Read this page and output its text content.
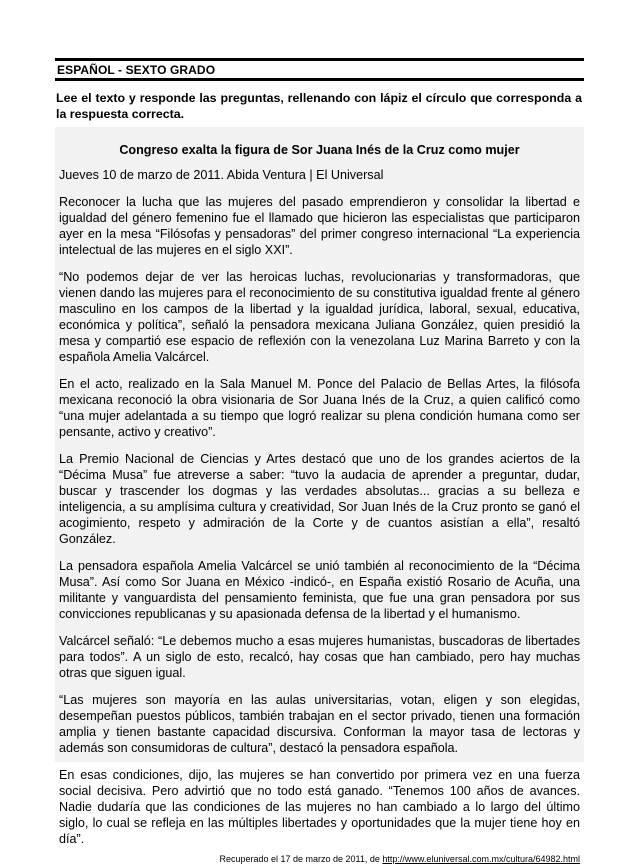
ESPAÑOL - SEXTO GRADO
Lee el texto y responde las preguntas, rellenando con lápiz el círculo que corresponda a la respuesta correcta.
Congreso exalta la figura de Sor Juana Inés de la Cruz como mujer
Jueves 10 de marzo de 2011. Abida Ventura | El Universal

Reconocer la lucha que las mujeres del pasado emprendieron y consolidar la libertad e igualdad del género femenino fue el llamado que hicieron las especialistas que participaron ayer en la mesa “Filósofas y pensadoras” del primer congreso internacional “La experiencia intelectual de las mujeres en el siglo XXI”.

“No podemos dejar de ver las heroicas luchas, revolucionarias y transformadoras, que vienen dando las mujeres para el reconocimiento de su constitutiva igualdad frente al género masculino en los campos de la libertad y la igualdad jurídica, laboral, sexual, educativa, económica y política”, señaló la pensadora mexicana Juliana González, quien presidió la mesa y compartió ese espacio de reflexión con la venezolana Luz Marina Barreto y con la española Amelia Valcárcel.

En el acto, realizado en la Sala Manuel M. Ponce del Palacio de Bellas Artes, la filósofa mexicana reconoció la obra visionaria de Sor Juana Inés de la Cruz, a quien calificó como “una mujer adelantada a su tiempo que logró realizar su plena condición humana como ser pensante, activo y creativo”.

La Premio Nacional de Ciencias y Artes destacó que uno de los grandes aciertos de la “Décima Musa” fue atreverse a saber: “tuvo la audacia de aprender a preguntar, dudar, buscar y trascender los dogmas y las verdades absolutas... gracias a su belleza e inteligencia, a su amplísima cultura y creatividad, Sor Juan Inés de la Cruz pronto se ganó el acogimiento, respeto y admiración de la Corte y de cuantos asistían a ella”, resaltó González.

La pensadora española Amelia Valcárcel se unió también al reconocimiento de la “Décima Musa”. Así como Sor Juana en México -indicó-, en España existió Rosario de Acuña, una militante y vanguardista del pensamiento feminista, que fue una gran pensadora por sus convicciones republicanas y su apasionada defensa de la libertad y el humanismo.

Valcárcel señaló: “Le debemos mucho a esas mujeres humanistas, buscadoras de libertades para todos”. A un siglo de esto, recalcó, hay cosas que han cambiado, pero hay muchas otras que siguen igual.

“Las mujeres son mayoría en las aulas universitarias, votan, eligen y son elegidas, desempeñan puestos públicos, también trabajan en el sector privado, tienen una formación amplia y tienen bastante capacidad discursiva. Conforman la mayor tasa de lectoras y además son consumidoras de cultura”, destacó la pensadora española.

En esas condiciones, dijo, las mujeres se han convertido por primera vez en una fuerza social decisiva. Pero advirtió que no todo está ganado. “Tenemos 100 años de avances. Nadie dudaría que las condiciones de las mujeres no han cambiado a lo largo del último siglo, lo cual se refleja en las múltiples libertades y oportunidades que la mujer tiene hoy en día”.

Recuperado el 17 de marzo de 2011, de http://www.eluniversal.com.mx/cultura/64982.html
